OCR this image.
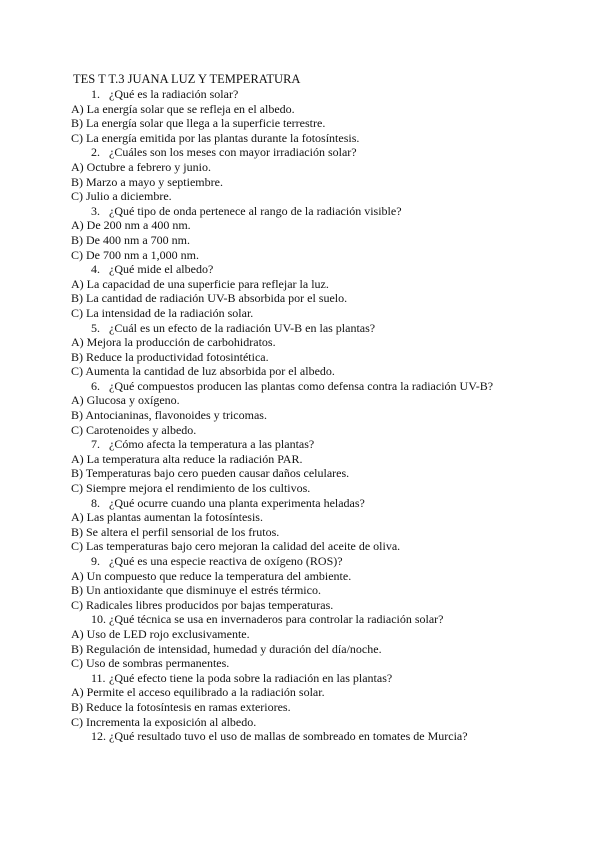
TES T T.3 JUANA LUZ Y TEMPERATURA
1. ¿Qué es la radiación solar?
A) La energía solar que se refleja en el albedo.
B) La energía solar que llega a la superficie terrestre.
C) La energía emitida por las plantas durante la fotosíntesis.
2. ¿Cuáles son los meses con mayor irradiación solar?
A) Octubre a febrero y junio.
B) Marzo a mayo y septiembre.
C) Julio a diciembre.
3. ¿Qué tipo de onda pertenece al rango de la radiación visible?
A) De 200 nm a 400 nm.
B) De 400 nm a 700 nm.
C) De 700 nm a 1,000 nm.
4. ¿Qué mide el albedo?
A) La capacidad de una superficie para reflejar la luz.
B) La cantidad de radiación UV-B absorbida por el suelo.
C) La intensidad de la radiación solar.
5. ¿Cuál es un efecto de la radiación UV-B en las plantas?
A) Mejora la producción de carbohidratos.
B) Reduce la productividad fotosintética.
C) Aumenta la cantidad de luz absorbida por el albedo.
6. ¿Qué compuestos producen las plantas como defensa contra la radiación UV-B?
A) Glucosa y oxígeno.
B) Antocianinas, flavonoides y tricomas.
C) Carotenoides y albedo.
7. ¿Cómo afecta la temperatura a las plantas?
A) La temperatura alta reduce la radiación PAR.
B) Temperaturas bajo cero pueden causar daños celulares.
C) Siempre mejora el rendimiento de los cultivos.
8. ¿Qué ocurre cuando una planta experimenta heladas?
A) Las plantas aumentan la fotosíntesis.
B) Se altera el perfil sensorial de los frutos.
C) Las temperaturas bajo cero mejoran la calidad del aceite de oliva.
9. ¿Qué es una especie reactiva de oxígeno (ROS)?
A) Un compuesto que reduce la temperatura del ambiente.
B) Un antioxidante que disminuye el estrés térmico.
C) Radicales libres producidos por bajas temperaturas.
10. ¿Qué técnica se usa en invernaderos para controlar la radiación solar?
A) Uso de LED rojo exclusivamente.
B) Regulación de intensidad, humedad y duración del día/noche.
C) Uso de sombras permanentes.
11. ¿Qué efecto tiene la poda sobre la radiación en las plantas?
A) Permite el acceso equilibrado a la radiación solar.
B) Reduce la fotosíntesis en ramas exteriores.
C) Incrementa la exposición al albedo.
12. ¿Qué resultado tuvo el uso de mallas de sombreado en tomates de Murcia?
